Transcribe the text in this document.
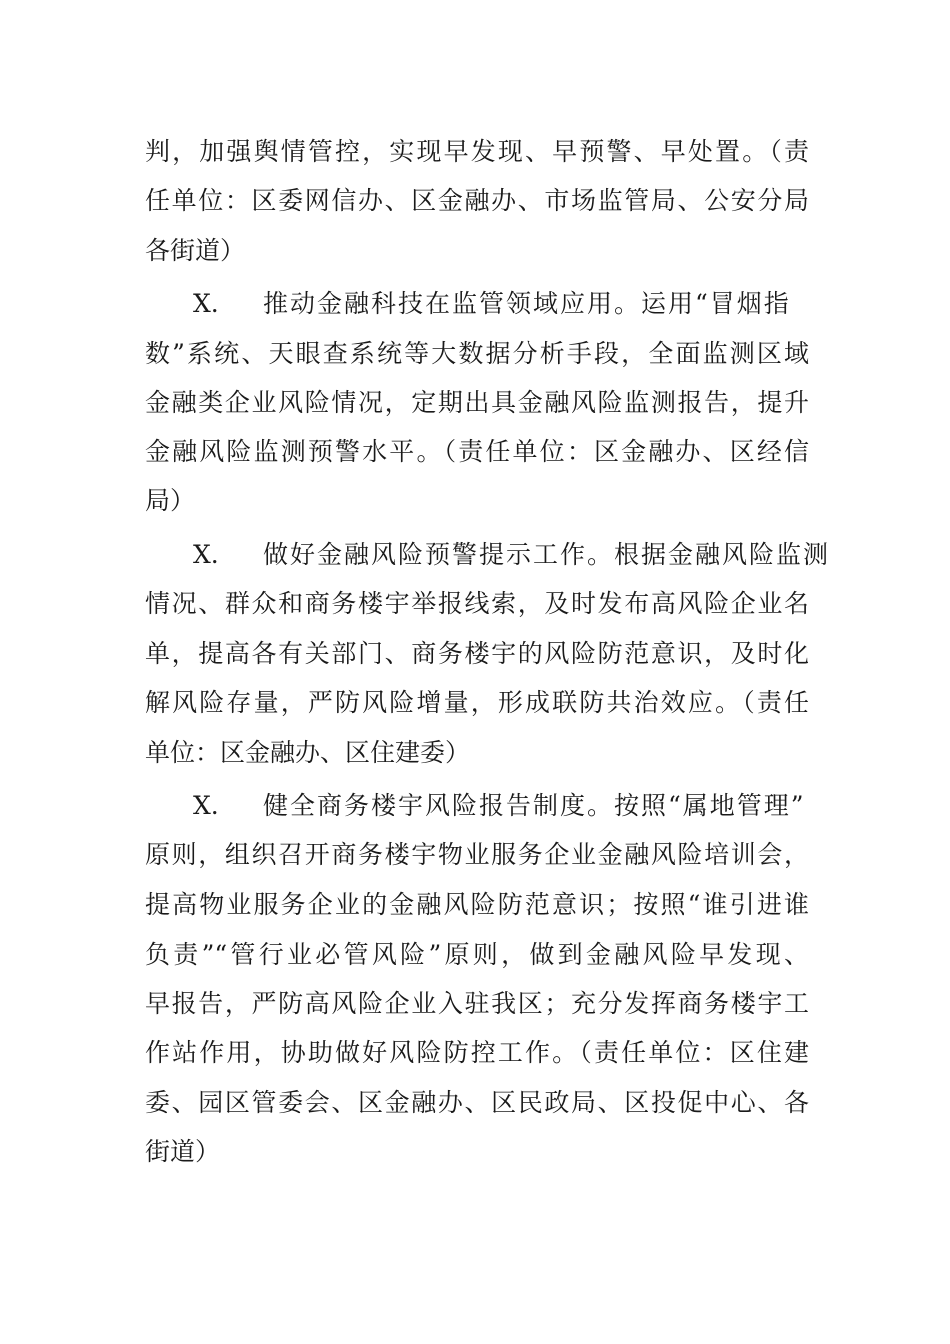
判，加强舆情管控，实现早发现、早预警、早处置。（责
任单位：区委网信办、区金融办、市场监管局、公安分局
各街道）
X. 推动金融科技在监管领域应用。运用“冒烟指
数”系统、天眼查系统等大数据分析手段，全面监测区域
金融类企业风险情况，定期出具金融风险监测报告，提升
金融风险监测预警水平。（责任单位：区金融办、区经信
局）
X. 做好金融风险预警提示工作。根据金融风险监测
情况、群众和商务楼宇举报线索，及时发布高风险企业名
单，提高各有关部门、商务楼宇的风险防范意识，及时化
解风险存量，严防风险增量，形成联防共治效应。（责任
单位：区金融办、区住建委）
X. 健全商务楼宇风险报告制度。按照“属地管理”
原则，组织召开商务楼宇物业服务企业金融风险培训会，
提高物业服务企业的金融风险防范意识；按照“谁引进谁
负责”“管行业必管风险”原则，做到金融风险早发现、
早报告，严防高风险企业入驻我区；充分发挥商务楼宇工
作站作用，协助做好风险防控工作。（责任单位：区住建
委、园区管委会、区金融办、区民政局、区投促中心、各
街道）
